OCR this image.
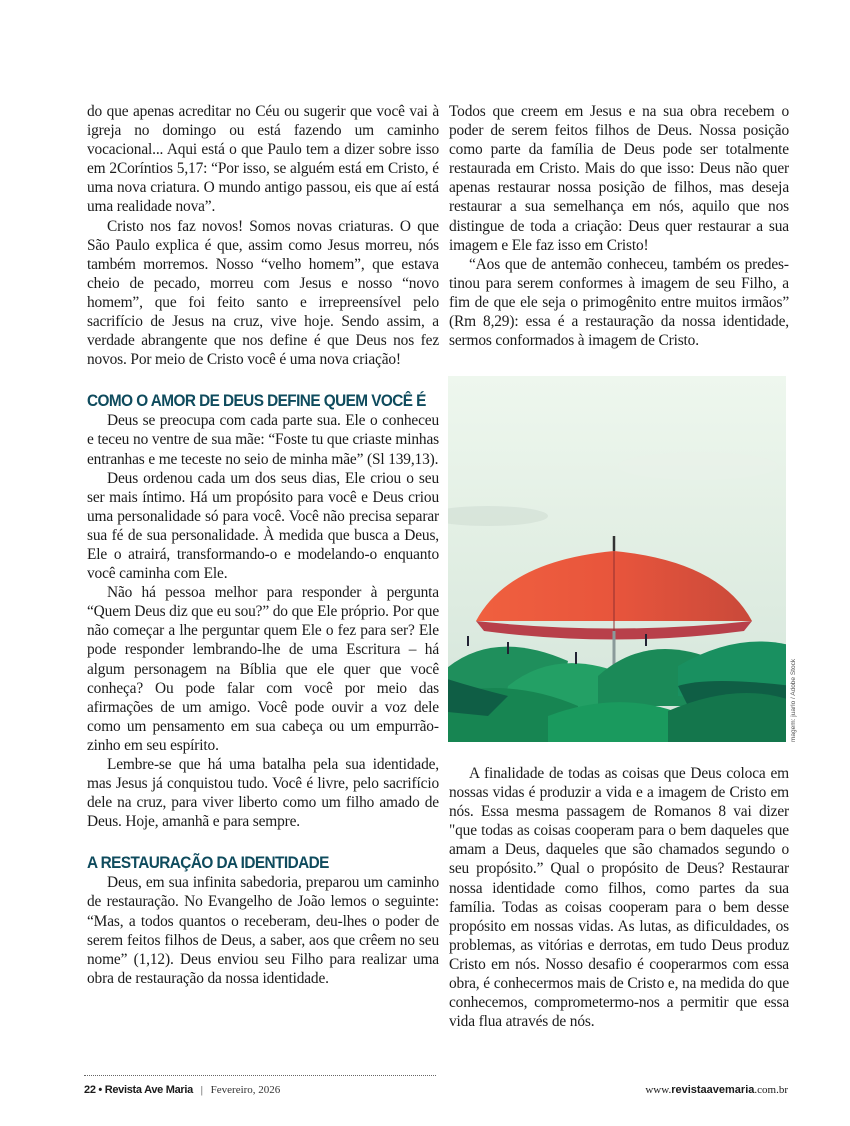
do que apenas acreditar no Céu ou sugerir que você vai à igreja no domingo ou está fazendo um caminho vocacional... Aqui está o que Paulo tem a dizer sobre isso em 2Coríntios 5,17: “Por isso, se alguém está em Cristo, é uma nova criatura. O mundo antigo passou, eis que aí está uma realidade nova”.

Cristo nos faz novos! Somos novas criaturas. O que São Paulo explica é que, assim como Jesus morreu, nós também morremos. Nosso “velho homem”, que estava cheio de pecado, morreu com Jesus e nosso “novo homem”, que foi feito santo e irrepreensível pelo sacrifício de Jesus na cruz, vive hoje. Sendo assim, a verdade abrangente que nos define é que Deus nos fez novos. Por meio de Cristo você é uma nova criação!

COMO O AMOR DE DEUS DEFINE QUEM VOCÊ É

Deus se preocupa com cada parte sua. Ele o conheceu e teceu no ventre de sua mãe: “Foste tu que criaste minhas entranhas e me teceste no seio de minha mãe” (Sl 139,13).

Deus ordenou cada um dos seus dias, Ele criou o seu ser mais íntimo. Há um propósito para você e Deus criou uma personalidade só para você. Você não precisa separar sua fé de sua personalidade. À medida que busca a Deus, Ele o atrairá, transformando-o e modelando-o enquanto você caminha com Ele.

Não há pessoa melhor para responder à pergunta “Quem Deus diz que eu sou?” do que Ele próprio. Por que não começar a lhe perguntar quem Ele o fez para ser? Ele pode responder lembrando-lhe de uma Escritura – há algum personagem na Bíblia que ele quer que você conheça? Ou pode falar com você por meio das afirmações de um amigo. Você pode ouvir a voz dele como um pensamento em sua cabeça ou um empurrãozinho em seu espírito.

Lembre-se que há uma batalha pela sua identidade, mas Jesus já conquistou tudo. Você é livre, pelo sacrifício dele na cruz, para viver liberto como um filho amado de Deus. Hoje, amanhã e para sempre.

A RESTAURAÇÃO DA IDENTIDADE

Deus, em sua infinita sabedoria, preparou um caminho de restauração. No Evangelho de João lemos o seguinte: “Mas, a todos quantos o receberam, deu-lhes o poder de serem feitos filhos de Deus, a saber, aos que crêem no seu nome” (1,12). Deus enviou seu Filho para realizar uma obra de restauração da nossa identidade.

Todos que creem em Jesus e na sua obra recebem o poder de serem feitos filhos de Deus. Nossa posição como parte da família de Deus pode ser totalmente restaurada em Cristo. Mais do que isso: Deus não quer apenas restaurar nossa posição de filhos, mas deseja restaurar a sua semelhança em nós, aquilo que nos distingue de toda a criação: Deus quer restaurar a sua imagem e Ele faz isso em Cristo!

“Aos que de antemão conheceu, também os predestinou para serem conformes à imagem de seu Filho, a fim de que ele seja o primogênito entre muitos irmãos” (Rm 8,29): essa é a restauração da nossa identidade, sermos conformados à imagem de Cristo.

magem: juarlo / Adobe Stock

A finalidade de todas as coisas que Deus coloca em nossas vidas é produzir a vida e a imagem de Cristo em nós. Essa mesma passagem de Romanos 8 vai dizer "que todas as coisas cooperam para o bem daqueles que amam a Deus, daqueles que são chamados segundo o seu propósito.” Qual o propósito de Deus? Restaurar nossa identidade como filhos, como partes da sua família. Todas as coisas cooperam para o bem desse propósito em nossas vidas. As lutas, as dificuldades, os problemas, as vitórias e derrotas, em tudo Deus produz Cristo em nós. Nosso desafio é cooperarmos com essa obra, é conhecermos mais de Cristo e, na medida do que conhecemos, comprometermo-nos a permitir que essa vida flua através de nós.

22 • Revista Ave Maria | Fevereiro, 2026	www.revistaavemaria.com.br
